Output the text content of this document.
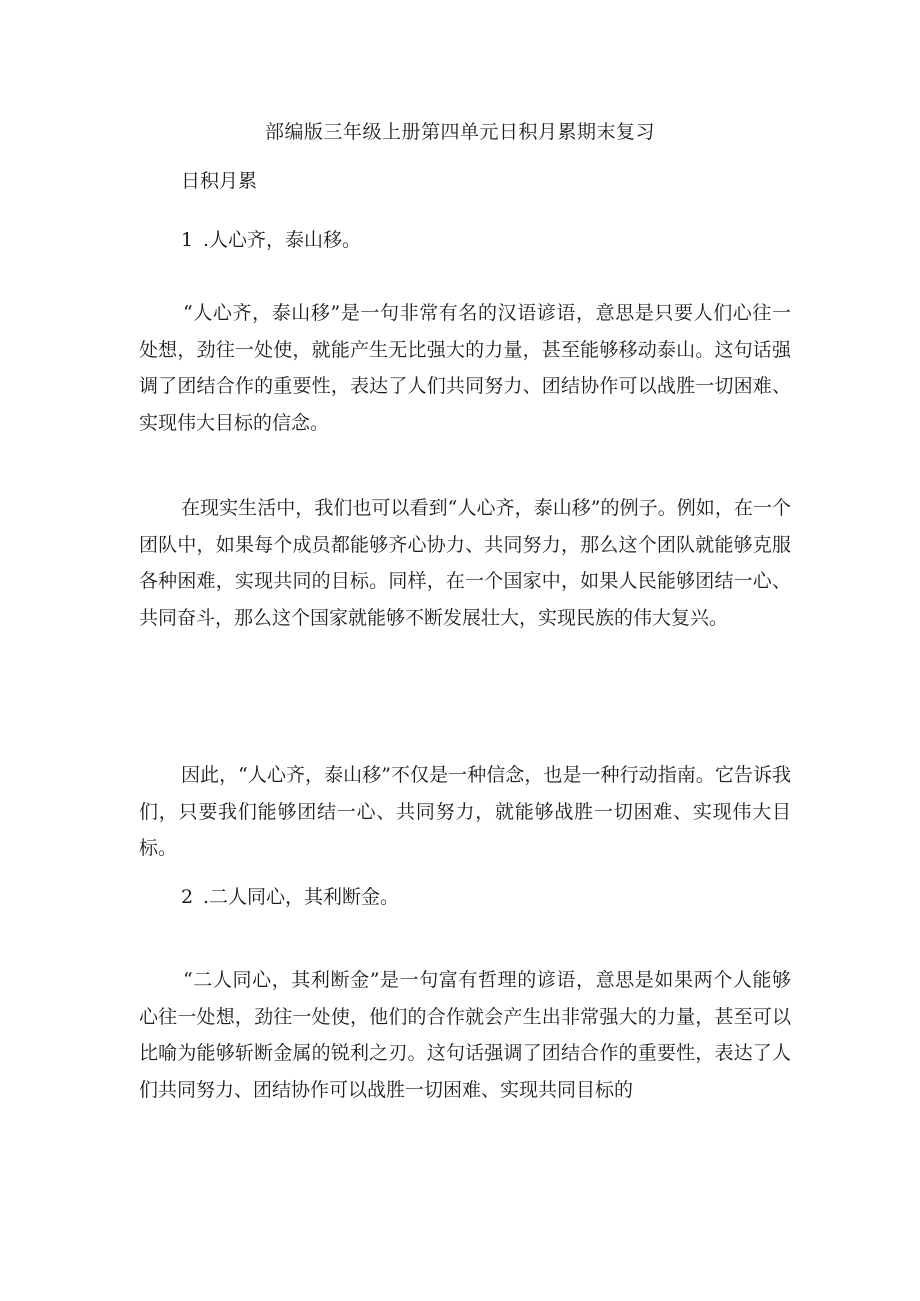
部编版三年级上册第四单元日积月累期末复习
日积月累
1 .人心齐，泰山移。

“人心齐，泰山移”是一句非常有名的汉语谚语，意思是只要人们心往一处想，劲往一处使，就能产生无比强大的力量，甚至能够移动泰山。这句话强调了团结合作的重要性，表达了人们共同努力、团结协作可以战胜一切困难、实现伟大目标的信念。

在现实生活中，我们也可以看到“人心齐，泰山移”的例子。例如，在一个团队中，如果每个成员都能够齐心协力、共同努力，那么这个团队就能够克服各种困难，实现共同的目标。同样，在一个国家中，如果人民能够团结一心、共同奋斗，那么这个国家就能够不断发展壮大，实现民族的伟大复兴。

因此，“人心齐，泰山移”不仅是一种信念，也是一种行动指南。它告诉我们，只要我们能够团结一心、共同努力，就能够战胜一切困难、实现伟大目标。

2 .二人同心，其利断金。

“二人同心，其利断金”是一句富有哲理的谚语，意思是如果两个人能够心往一处想，劲往一处使，他们的合作就会产生出非常强大的力量，甚至可以比喻为能够斩断金属的锐利之刃。这句话强调了团结合作的重要性，表达了人们共同努力、团结协作可以战胜一切困难、实现共同目标的
